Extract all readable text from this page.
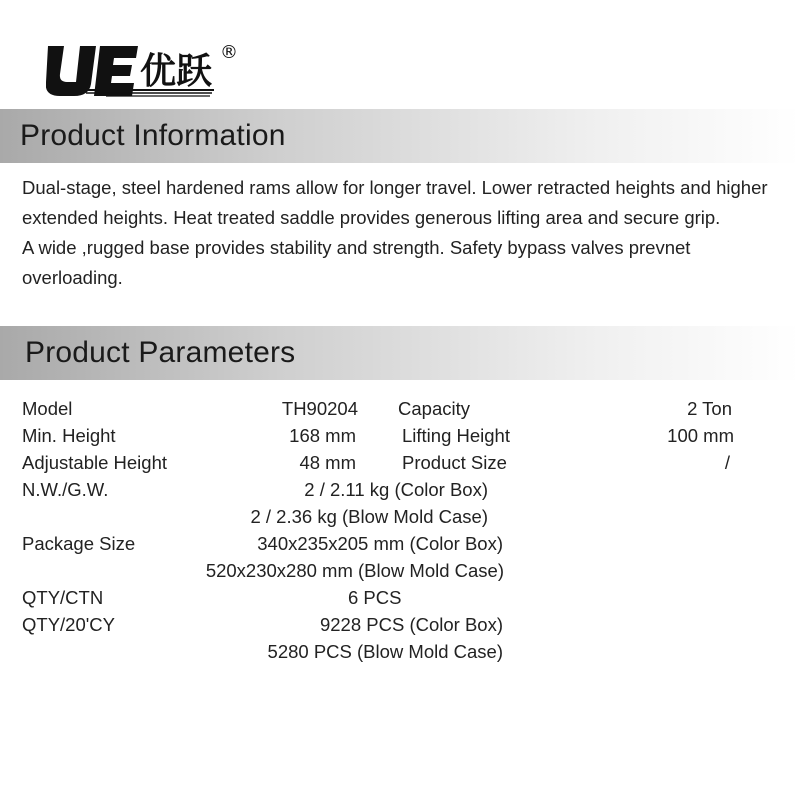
优跃 ®
Product Information

Dual-stage, steel hardened rams allow for longer travel. Lower retracted heights and higher extended heights. Heat treated saddle provides generous lifting area and secure grip.

A wide ,rugged base provides stability and strength. Safety bypass valves prevnet overloading.

Product Parameters
Model	TH90204 Capacity	2 Ton
Min. Height	168 mm Lifting Height	100 mm
Adjustable Height	48 mm Product Size	/
N.W./G.W.	2 / 2.11 kg (Color Box)
2 / 2.36 kg (Blow Mold Case)
Package Size	340x235x205 mm (Color Box)
520x230x280 mm (Blow Mold Case)
QTY/CTN	6 PCS
QTY/20'CY	9228 PCS (Color Box)
5280 PCS (Blow Mold Case)
